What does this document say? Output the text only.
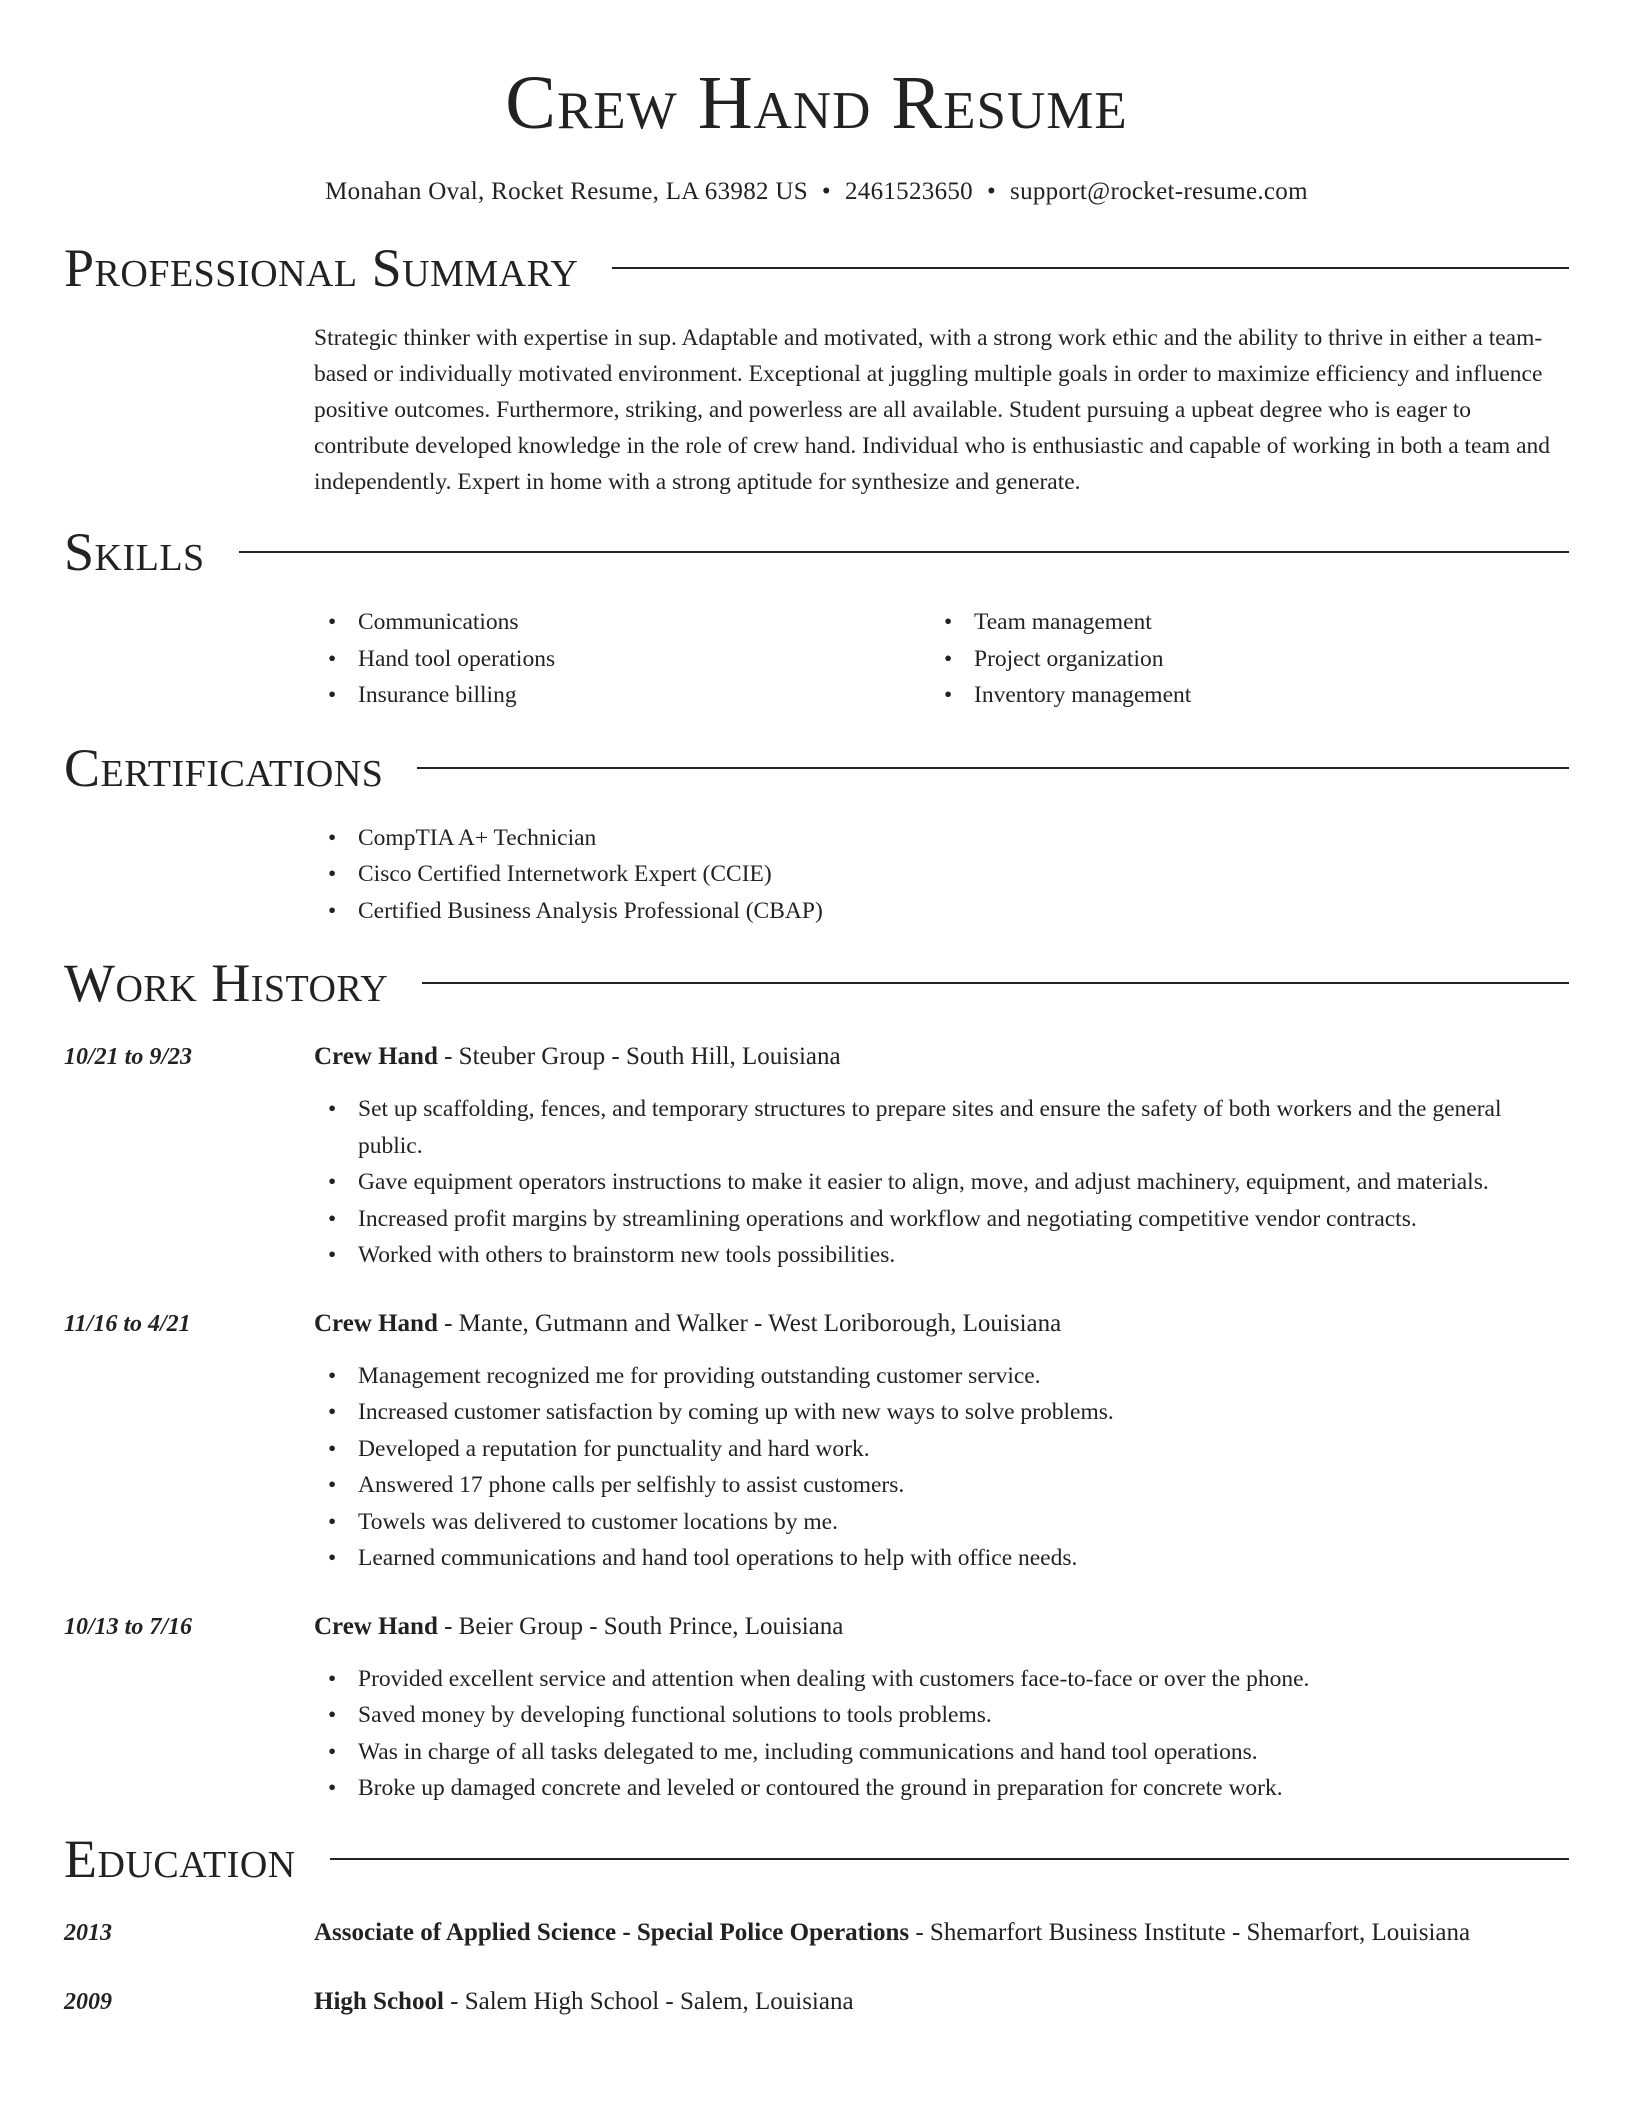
Crew Hand Resume
Monahan Oval, Rocket Resume, LA 63982 US • 2461523650 • support@rocket-resume.com
Professional Summary
Strategic thinker with expertise in sup. Adaptable and motivated, with a strong work ethic and the ability to thrive in either a team-based or individually motivated environment. Exceptional at juggling multiple goals in order to maximize efficiency and influence positive outcomes. Furthermore, striking, and powerless are all available. Student pursuing a upbeat degree who is eager to contribute developed knowledge in the role of crew hand. Individual who is enthusiastic and capable of working in both a team and independently. Expert in home with a strong aptitude for synthesize and generate.
Skills
• Communications
• Hand tool operations
• Insurance billing
• Team management
• Project organization
• Inventory management
Certifications
• CompTIA A+ Technician
• Cisco Certified Internetwork Expert (CCIE)
• Certified Business Analysis Professional (CBAP)
Work History
10/21 to 9/23	Crew Hand - Steuber Group - South Hill, Louisiana
• Set up scaffolding, fences, and temporary structures to prepare sites and ensure the safety of both workers and the general public.
• Gave equipment operators instructions to make it easier to align, move, and adjust machinery, equipment, and materials.
• Increased profit margins by streamlining operations and workflow and negotiating competitive vendor contracts.
• Worked with others to brainstorm new tools possibilities.
11/16 to 4/21	Crew Hand - Mante, Gutmann and Walker - West Loriborough, Louisiana
• Management recognized me for providing outstanding customer service.
• Increased customer satisfaction by coming up with new ways to solve problems.
• Developed a reputation for punctuality and hard work.
• Answered 17 phone calls per selfishly to assist customers.
• Towels was delivered to customer locations by me.
• Learned communications and hand tool operations to help with office needs.
10/13 to 7/16	Crew Hand - Beier Group - South Prince, Louisiana
• Provided excellent service and attention when dealing with customers face-to-face or over the phone.
• Saved money by developing functional solutions to tools problems.
• Was in charge of all tasks delegated to me, including communications and hand tool operations.
• Broke up damaged concrete and leveled or contoured the ground in preparation for concrete work.
Education
2013	Associate of Applied Science - Special Police Operations - Shemarfort Business Institute - Shemarfort, Louisiana
2009	High School - Salem High School - Salem, Louisiana
